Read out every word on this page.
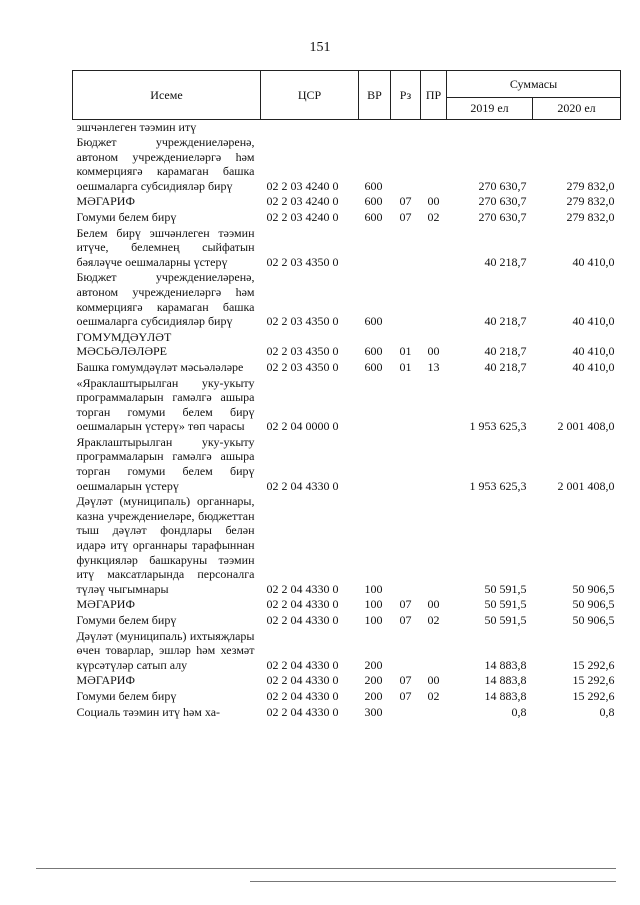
151
Исеме	ЦСР	ВР	Рз	ПР	Суммасы	
					2019 ел	2020 ел
эшчәнлеген тәэмин итү						
Бюджет учреждениеләренә, автоном учреждениеләргә һәм коммерциягә карамаган башка оешмаларга субсидияләр бирү	02 2 03 4240 0	600			270 630,7	279 832,0
МӘГАРИФ	02 2 03 4240 0	600	07	00	270 630,7	279 832,0
Гомуми белем бирү	02 2 03 4240 0	600	07	02	270 630,7	279 832,0
Белем бирү эшчәнлеген тәэмин итүче, белемнең сыйфатын бәяләүче оешмаларны үстерү	02 2 03 4350 0				40 218,7	40 410,0
Бюджет учреждениеләренә, автоном учреждениеләргә һәм коммерциягә карамаган башка оешмаларга субсидияләр бирү	02 2 03 4350 0	600			40 218,7	40 410,0
ГОМУМДӘҮЛӘТ МӘСЬӘЛӘЛӘРЕ	02 2 03 4350 0	600	01	00	40 218,7	40 410,0
Башка гомумдәүләт мәсьәләләре	02 2 03 4350 0	600	01	13	40 218,7	40 410,0
«Яраклаштырылган уку-укыту программаларын гамәлгә ашыра торган гомуми белем бирү оешмаларын үстерү» төп чарасы	02 2 04 0000 0				1 953 625,3	2 001 408,0
Яраклаштырылган уку-укыту программаларын гамәлгә ашыра торган гомуми белем бирү оешмаларын үстерү	02 2 04 4330 0				1 953 625,3	2 001 408,0
Дәүләт (муниципаль) органнары, казна учреждениеләре, бюджеттан тыш дәүләт фондлары белән идарә итү органнары тарафыннан функцияләр башкаруны тәэмин итү максатларында персоналга түләү чыгымнары	02 2 04 4330 0	100			50 591,5	50 906,5
МӘГАРИФ	02 2 04 4330 0	100	07	00	50 591,5	50 906,5
Гомуми белем бирү	02 2 04 4330 0	100	07	02	50 591,5	50 906,5
Дәүләт (муниципаль) ихтыяҗлары өчен товарлар, эшләр һәм хезмәт күрсәтүләр сатып алу	02 2 04 4330 0	200			14 883,8	15 292,6
МӘГАРИФ	02 2 04 4330 0	200	07	00	14 883,8	15 292,6
Гомуми белем бирү	02 2 04 4330 0	200	07	02	14 883,8	15 292,6
Социаль тәэмин итү һәм ха-	02 2 04 4330 0	300			0,8	0,8
